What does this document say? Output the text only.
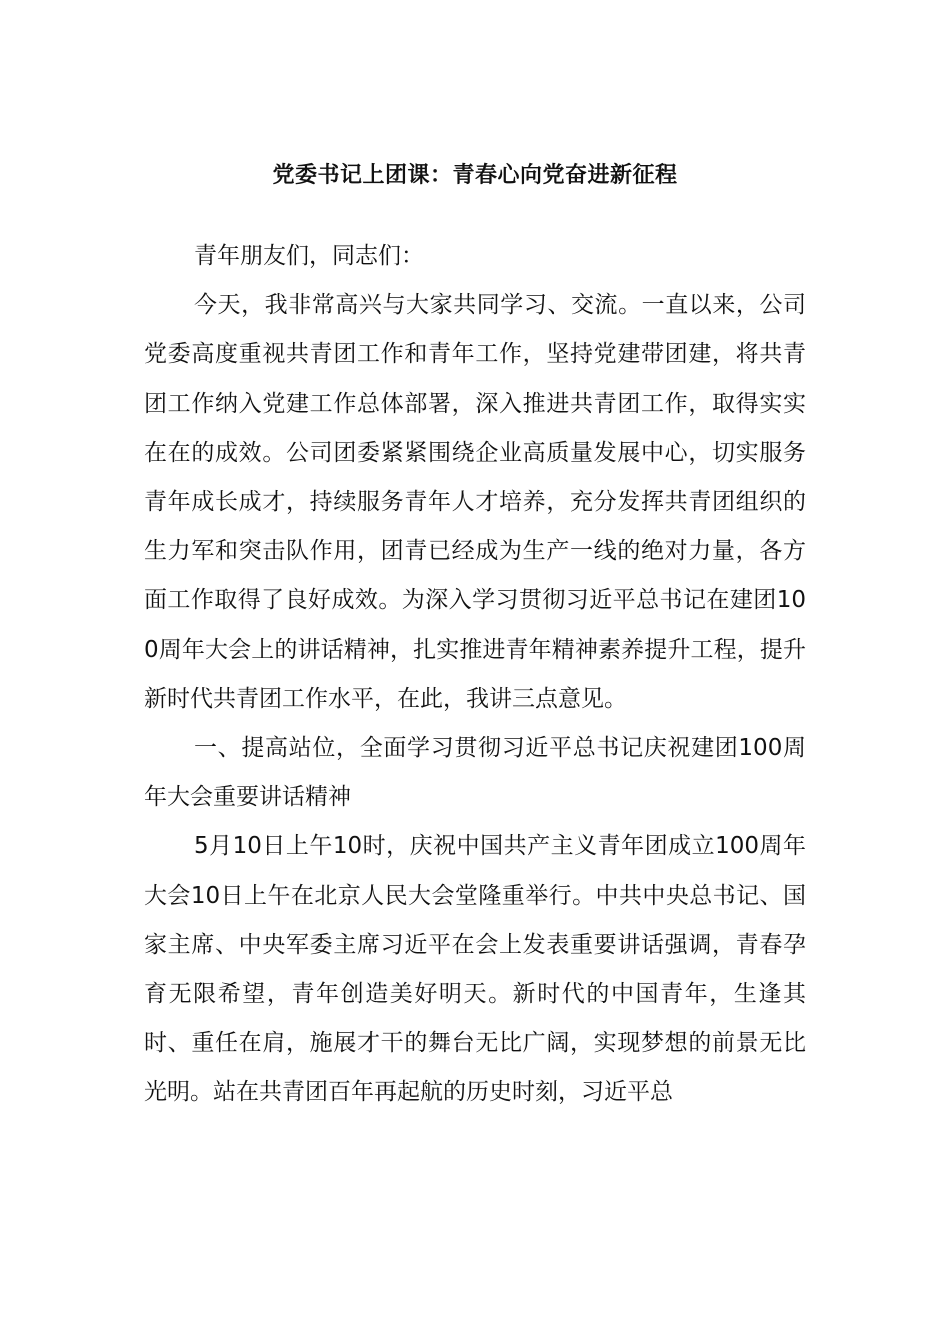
党委书记上团课：青春心向党奋进新征程

青年朋友们，同志们：

今天，我非常高兴与大家共同学习、交流。一直以来，公司党委高度重视共青团工作和青年工作，坚持党建带团建，将共青团工作纳入党建工作总体部署，深入推进共青团工作，取得实实在在的成效。公司团委紧紧围绕企业高质量发展中心，切实服务青年成长成才，持续服务青年人才培养，充分发挥共青团组织的生力军和突击队作用，团青已经成为生产一线的绝对力量，各方面工作取得了良好成效。为深入学习贯彻习近平总书记在建团100周年大会上的讲话精神，扎实推进青年精神素养提升工程，提升新时代共青团工作水平，在此，我讲三点意见。

一、提高站位，全面学习贯彻习近平总书记庆祝建团100周年大会重要讲话精神

5月10日上午10时，庆祝中国共产主义青年团成立100周年大会10日上午在北京人民大会堂隆重举行。中共中央总书记、国家主席、中央军委主席习近平在会上发表重要讲话强调，青春孕育无限希望，青年创造美好明天。新时代的中国青年，生逢其时、重任在肩，施展才干的舞台无比广阔，实现梦想的前景无比光明。站在共青团百年再起航的历史时刻，习近平总
